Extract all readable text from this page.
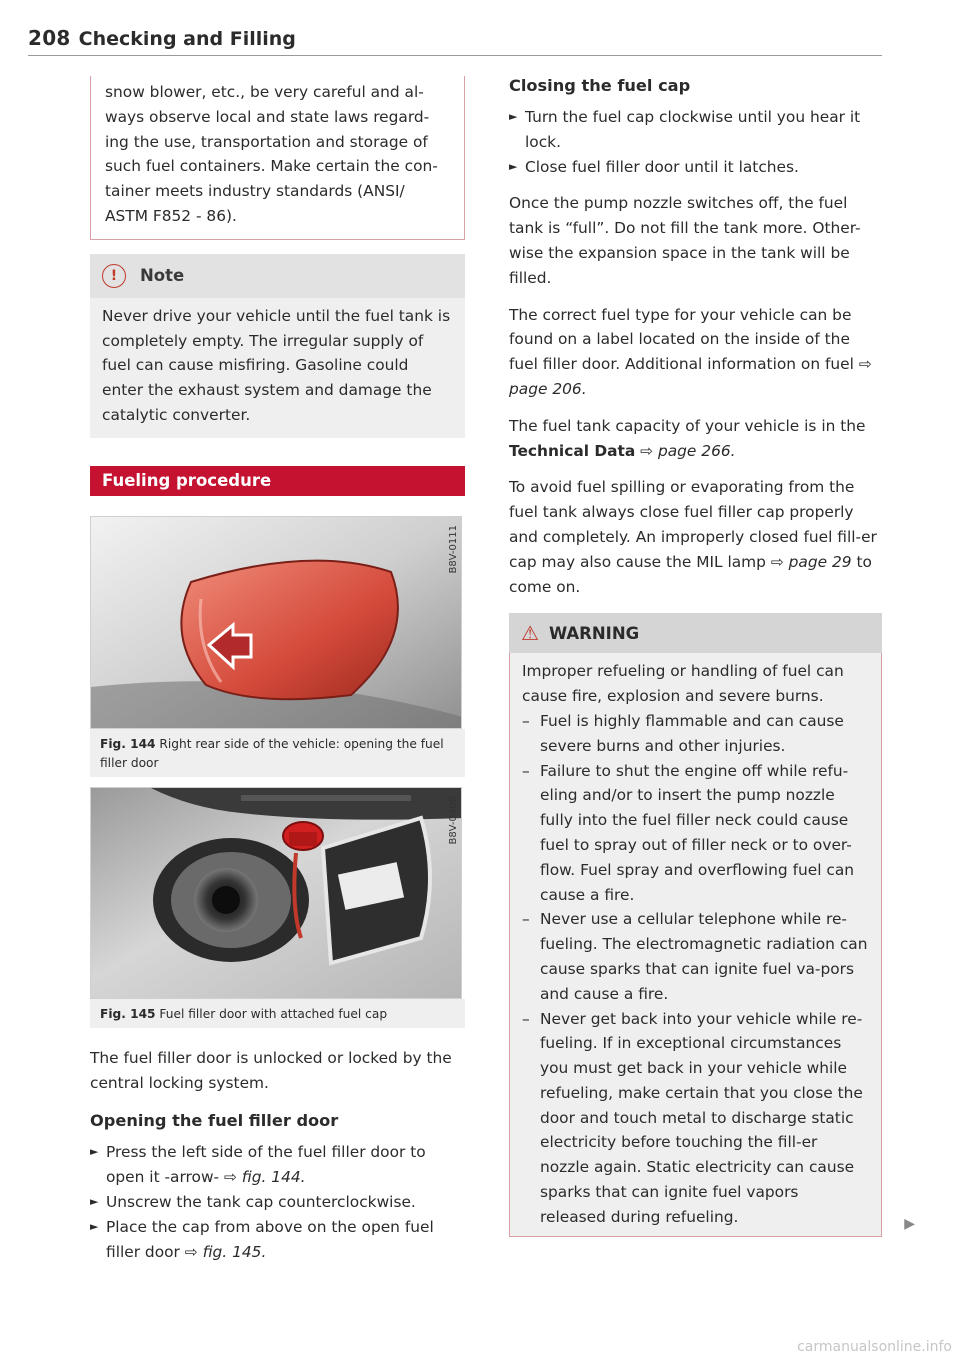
208 Checking and Filling

snow blower, etc., be very careful and al-ways observe local and state laws regard-ing the use, transportation and storage of such fuel containers. Make certain the con-tainer meets industry standards (ANSI/ ASTM F852 - 86).

!	Note

Never drive your vehicle until the fuel tank is completely empty. The irregular supply of fuel can cause misfiring. Gasoline could enter the exhaust system and damage the catalytic converter.

Fueling procedure
B8V-0111
Fig. 144 Right rear side of the vehicle: opening the fuel filler door
B8V-0408
Fig. 145 Fuel filler door with attached fuel cap

The fuel filler door is unlocked or locked by the central locking system.

Opening the fuel filler door
► Press the left side of the fuel filler door to open it -arrow- ⇨ fig. 144.
► Unscrew the tank cap counterclockwise.
► Place the cap from above on the open fuel filler door ⇨ fig. 145.
Closing the fuel cap
► Turn the fuel cap clockwise until you hear it lock.
► Close fuel filler door until it latches.

Once the pump nozzle switches off, the fuel tank is “full”. Do not fill the tank more. Other-wise the expansion space in the tank will be filled.

The correct fuel type for your vehicle can be found on a label located on the inside of the fuel filler door. Additional information on fuel ⇨ page 206.

The fuel tank capacity of your vehicle is in the Technical Data ⇨ page 266.

To avoid fuel spilling or evaporating from the fuel tank always close fuel filler cap properly and completely. An improperly closed fuel fill-er cap may also cause the MIL lamp ⇨ page 29 to come on.

⚠ WARNING

Improper refueling or handling of fuel can cause fire, explosion and severe burns.

– Fuel is highly flammable and can cause severe burns and other injuries.
– Failure to shut the engine off while refu-eling and/or to insert the pump nozzle fully into the fuel filler neck could cause fuel to spray out of filler neck or to over-flow. Fuel spray and overflowing fuel can cause a fire.
– Never use a cellular telephone while re-fueling. The electromagnetic radiation can cause sparks that can ignite fuel va-pors and cause a fire.
– Never get back into your vehicle while re-fueling. If in exceptional circumstances you must get back in your vehicle while refueling, make certain that you close the door and touch metal to discharge static electricity before touching the fill-er nozzle again. Static electricity can cause sparks that can ignite fuel vapors released during refueling.	▶
carmanualsonline.info
